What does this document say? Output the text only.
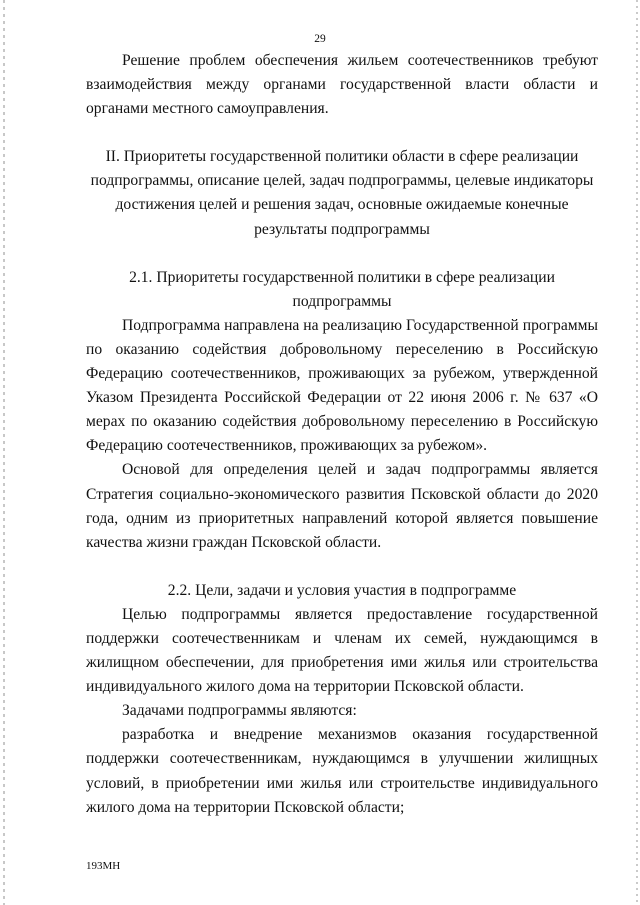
29

Решение проблем обеспечения жильем соотечественников требуют взаимодействия между органами государственной власти области и органами местного самоуправления.

II. Приоритеты государственной политики области в сфере реализации подпрограммы, описание целей, задач подпрограммы, целевые индикаторы достижения целей и решения задач, основные ожидаемые конечные результаты подпрограммы

2.1. Приоритеты государственной политики в сфере реализации подпрограммы

Подпрограмма направлена на реализацию Государственной программы по оказанию содействия добровольному переселению в Российскую Федерацию соотечественников, проживающих за рубежом, утвержденной Указом Президента Российской Федерации от 22 июня 2006 г. № 637 «О мерах по оказанию содействия добровольному переселению в Российскую Федерацию соотечественников, проживающих за рубежом».

Основой для определения целей и задач подпрограммы является Стратегия социально-экономического развития Псковской области до 2020 года, одним из приоритетных направлений которой является повышение качества жизни граждан Псковской области.

2.2. Цели, задачи и условия участия в подпрограмме

Целью подпрограммы является предоставление государственной поддержки соотечественникам и членам их семей, нуждающимся в жилищном обеспечении, для приобретения ими жилья или строительства индивидуального жилого дома на территории Псковской области.

Задачами подпрограммы являются:

разработка и внедрение механизмов оказания государственной поддержки соотечественникам, нуждающимся в улучшении жилищных условий, в приобретении ими жилья или строительстве индивидуального жилого дома на территории Псковской области;

193МН
